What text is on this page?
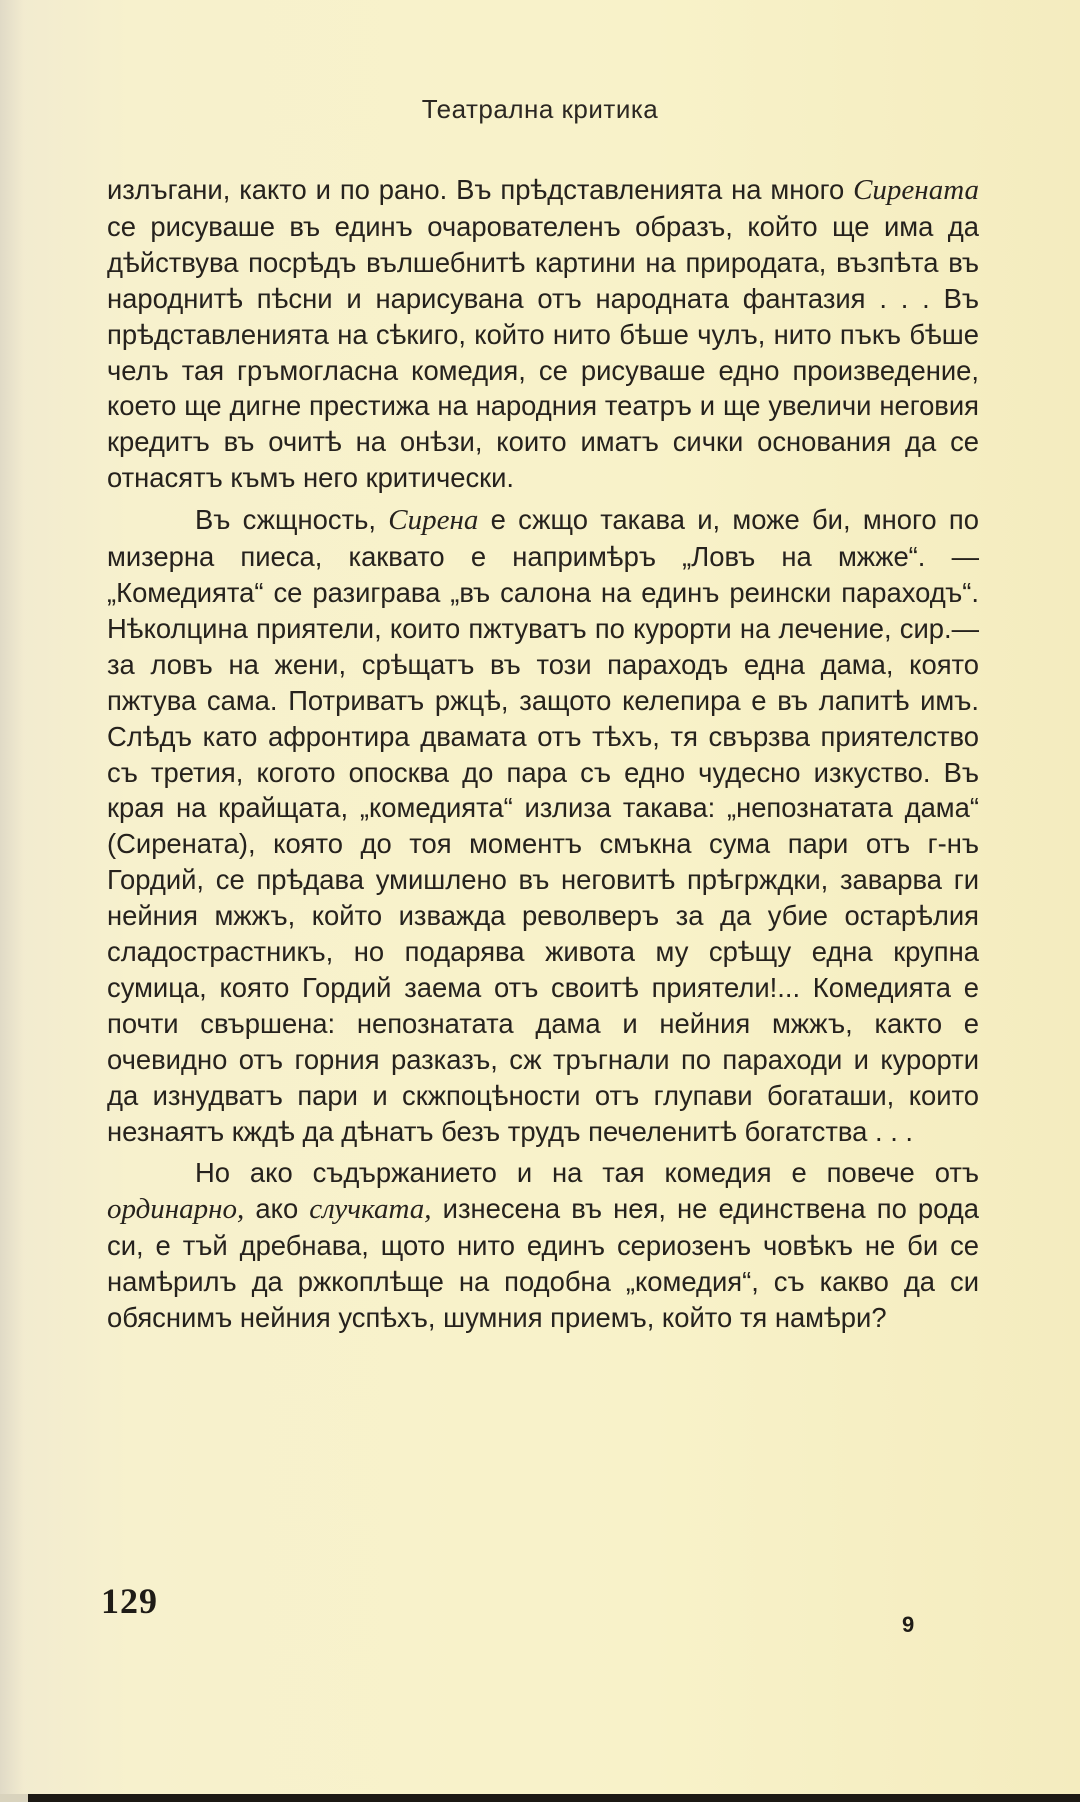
Театрална критика

излъгани, както и по рано. Въ прѣдставленията на много Сирената се рисуваше въ единъ очарователенъ образъ, който ще има да дѣйствува посрѣдъ вълшебнитѣ картини на природата, възпѣта въ народнитѣ пѣсни и нарисувана отъ народната фантазия . . . Въ прѣдставленията на сѣкиго, който нито бѣше чулъ, нито пъкъ бѣше челъ тая гръмогласна комедия, се рисуваше едно произведение, което ще дигне престижа на народния театръ и ще увеличи неговия кредитъ въ очитѣ на онѣзи, които иматъ сички основания да се отнасятъ къмъ него критически.

Въ сжщность, Сирена е сжщо такава и, може би, много по мизерна пиеса, каквато е напримѣръ „Ловъ на мжже“. — „Комедията“ се разиграва „въ салона на единъ реински параходъ“. Нѣколцина приятели, които пжтуватъ по курорти на лечение, сир.—за ловъ на жени, срѣщатъ въ този параходъ една дама, която пжтува сама. Потриватъ ржцѣ, защото келепира е въ лапитѣ имъ. Слѣдъ като афронтира двамата отъ тѣхъ, тя свързва приятелство съ третия, когото опосква до пара съ едно чудесно изкуство. Въ края на крайщата, „комедията“ излиза такава: „непознатата дама“ (Сирената), която до тоя моментъ смъкна сума пари отъ г-нъ Гордий, се прѣдава умишлено въ неговитѣ прѣгрждки, заварва ги нейния мжжъ, който изважда револверъ за да убие остарѣлия сладострастникъ, но подарява живота му срѣщу една крупна сумица, която Гордий заема отъ своитѣ приятели!... Комедията е почти свършена: непознатата дама и нейния мжжъ, както е очевидно отъ горния разказъ, сж тръгнали по параходи и курорти да изнудватъ пари и скжпоцѣности отъ глупави богаташи, които незнаятъ кждѣ да дѣнатъ безъ трудъ печеленитѣ богатства . . .

Но ако съдържанието и на тая комедия е повече отъ ординарно, ако случката, изнесена въ нея, не единствена по рода си, е тъй дребнава, щото нито единъ сериозенъ човѣкъ не би се намѣрилъ да ржкоплѣще на подобна „комедия“, съ какво да си обяснимъ нейния успѣхъ, шумния приемъ, който тя намѣри?

129
9
